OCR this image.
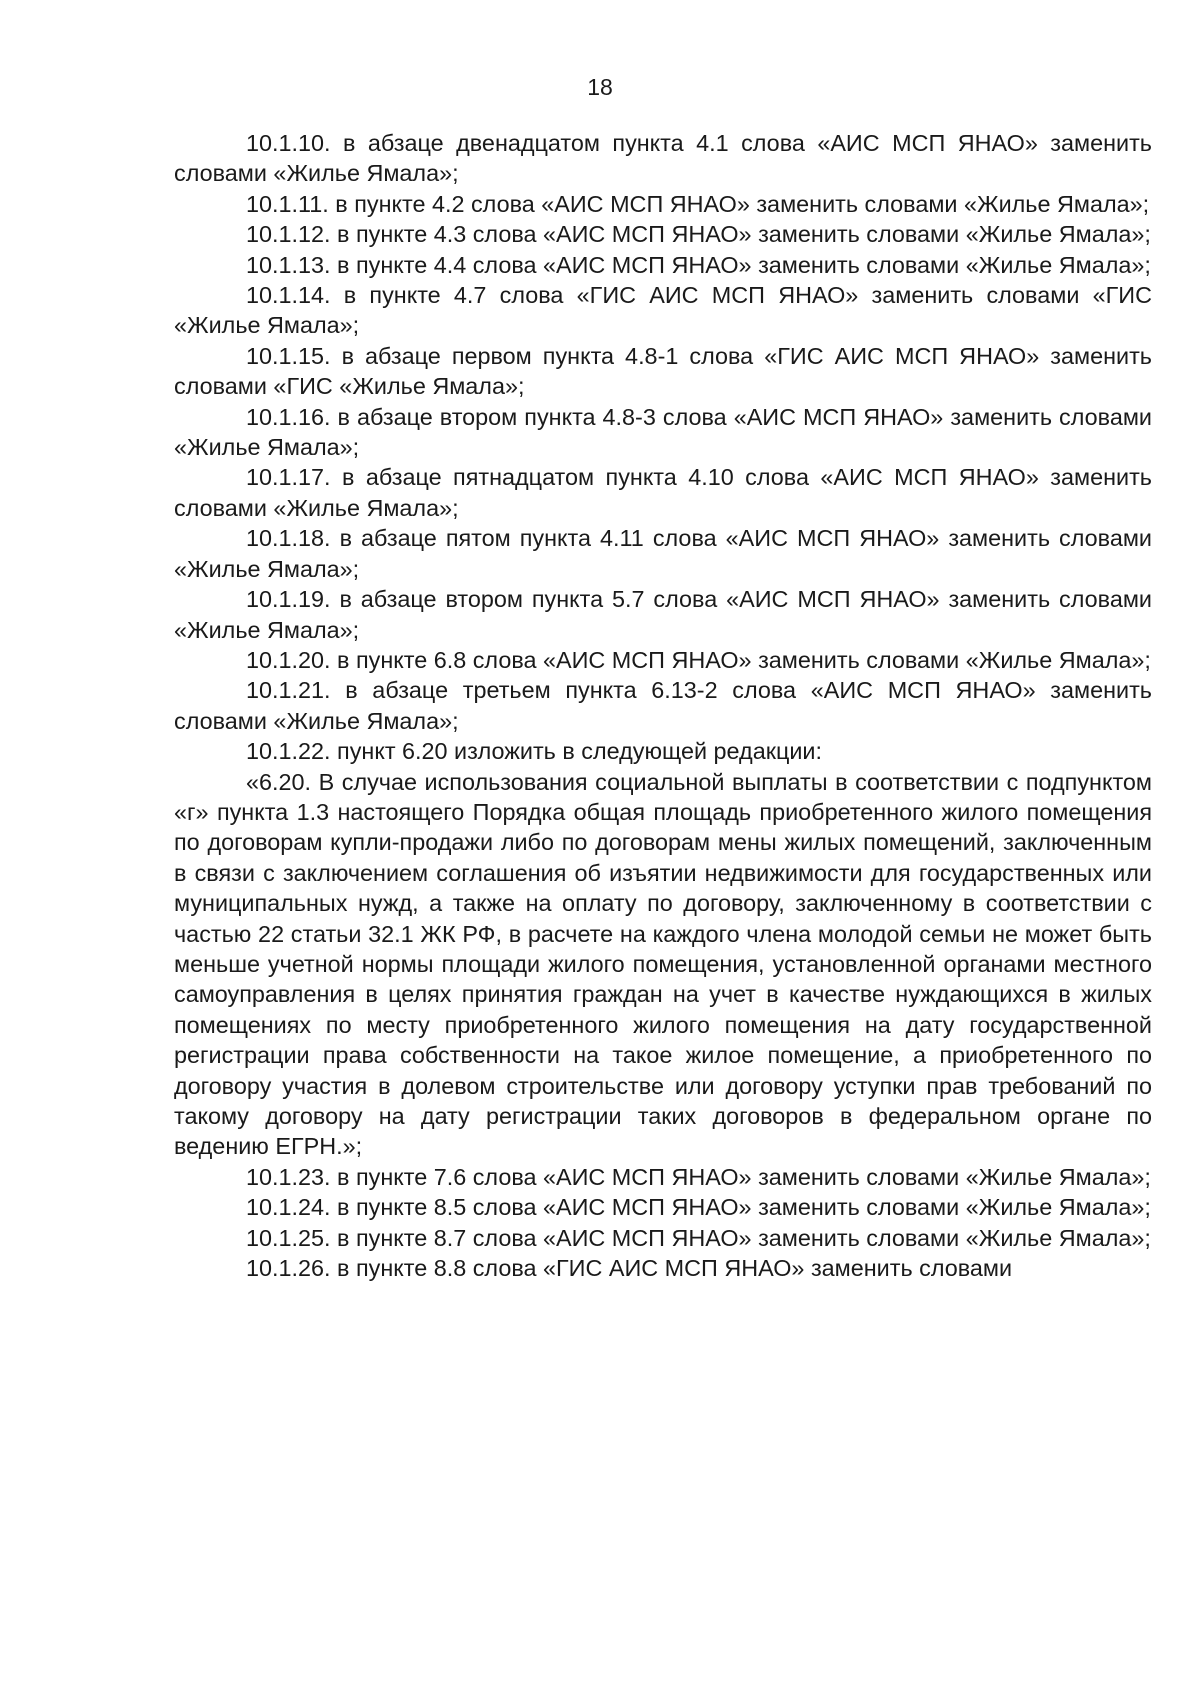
18

10.1.10. в абзаце двенадцатом пункта 4.1 слова «АИС МСП ЯНАО» заменить словами «Жилье Ямала»;

10.1.11. в пункте 4.2 слова «АИС МСП ЯНАО» заменить словами «Жилье Ямала»;

10.1.12. в пункте 4.3 слова «АИС МСП ЯНАО» заменить словами «Жилье Ямала»;

10.1.13. в пункте 4.4 слова «АИС МСП ЯНАО» заменить словами «Жилье Ямала»;

10.1.14. в пункте 4.7 слова «ГИС АИС МСП ЯНАО» заменить словами «ГИС «Жилье Ямала»;

10.1.15. в абзаце первом пункта 4.8-1 слова «ГИС АИС МСП ЯНАО» заменить словами «ГИС «Жилье Ямала»;

10.1.16. в абзаце втором пункта 4.8-3 слова «АИС МСП ЯНАО» заменить словами «Жилье Ямала»;

10.1.17. в абзаце пятнадцатом пункта 4.10 слова «АИС МСП ЯНАО» заменить словами «Жилье Ямала»;

10.1.18. в абзаце пятом пункта 4.11 слова «АИС МСП ЯНАО» заменить словами «Жилье Ямала»;

10.1.19. в абзаце втором пункта 5.7 слова «АИС МСП ЯНАО» заменить словами «Жилье Ямала»;

10.1.20. в пункте 6.8 слова «АИС МСП ЯНАО» заменить словами «Жилье Ямала»;

10.1.21. в абзаце третьем пункта 6.13-2 слова «АИС МСП ЯНАО» заменить словами «Жилье Ямала»;

10.1.22. пункт 6.20 изложить в следующей редакции:

«6.20. В случае использования социальной выплаты в соответствии с подпунктом «г» пункта 1.3 настоящего Порядка общая площадь приобретенного жилого помещения по договорам купли-продажи либо по договорам мены жилых помещений, заключенным в связи с заключением соглашения об изъятии недвижимости для государственных или муниципальных нужд, а также на оплату по договору, заключенному в соответствии с частью 22 статьи 32.1 ЖК РФ, в расчете на каждого члена молодой семьи не может быть меньше учетной нормы площади жилого помещения, установленной органами местного самоуправления в целях принятия граждан на учет в качестве нуждающихся в жилых помещениях по месту приобретенного жилого помещения на дату государственной регистрации права собственности на такое жилое помещение, а приобретенного по договору участия в долевом строительстве или договору уступки прав требований по такому договору на дату регистрации таких договоров в федеральном органе по ведению ЕГРН.»;

10.1.23. в пункте 7.6 слова «АИС МСП ЯНАО» заменить словами «Жилье Ямала»;

10.1.24. в пункте 8.5 слова «АИС МСП ЯНАО» заменить словами «Жилье Ямала»;

10.1.25. в пункте 8.7 слова «АИС МСП ЯНАО» заменить словами «Жилье Ямала»;

10.1.26. в пункте 8.8 слова «ГИС АИС МСП ЯНАО» заменить словами
